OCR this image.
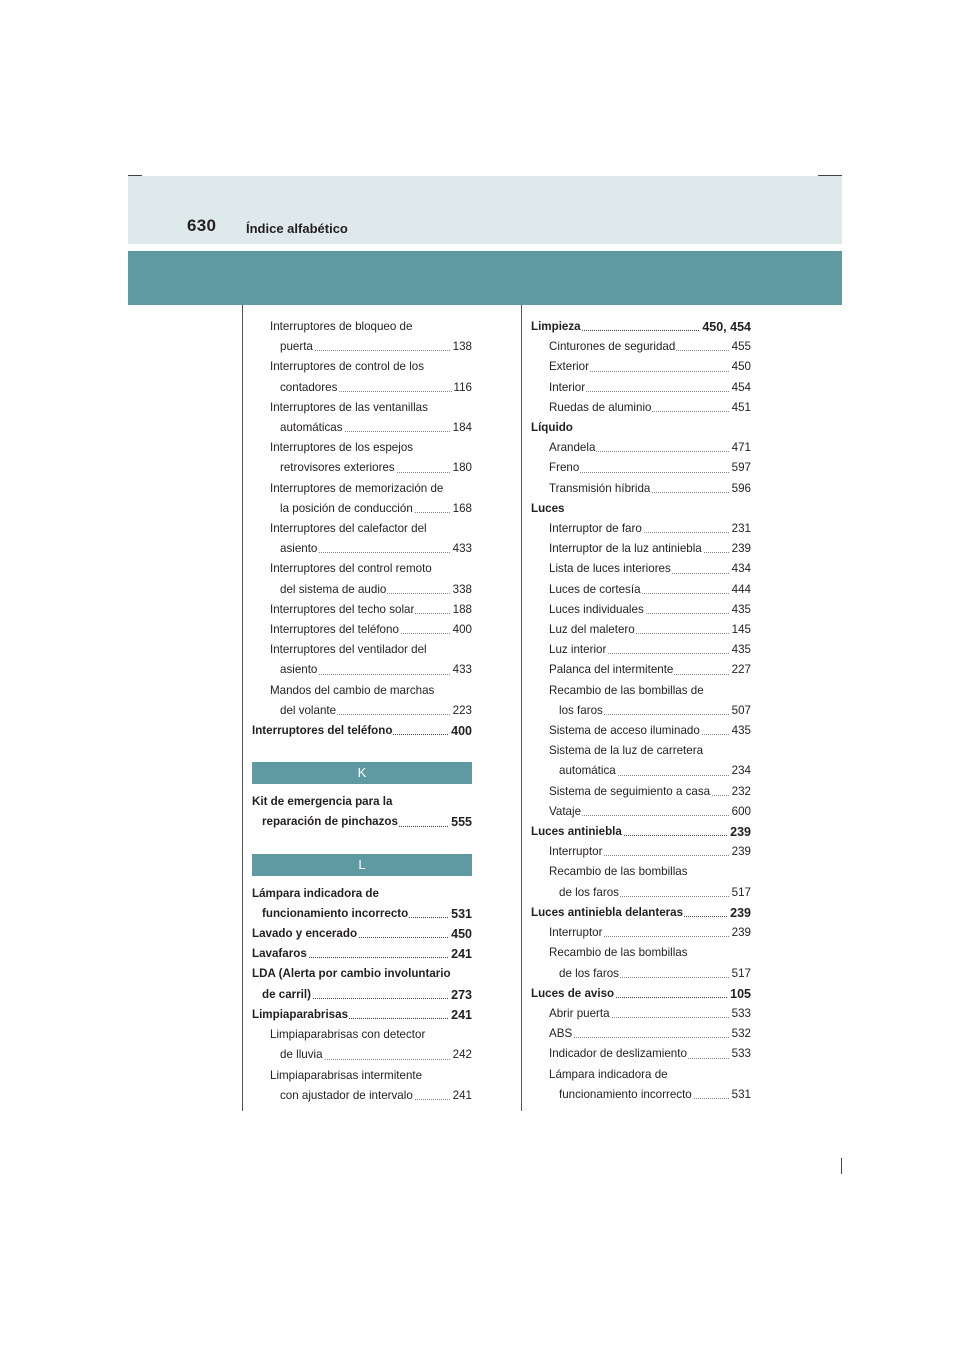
630 Índice alfabético
Interruptores de bloqueo de
puerta	138
Interruptores de control de los
contadores	116
Interruptores de las ventanillas
automáticas	184
Interruptores de los espejos
retrovisores exteriores	180
Interruptores de memorización de
la posición de conducción	168
Interruptores del calefactor del
asiento	433
Interruptores del control remoto
del sistema de audio	338
Interruptores del techo solar	188
Interruptores del teléfono	400
Interruptores del ventilador del
asiento	433
Mandos del cambio de marchas
del volante	223
Interruptores del teléfono	400
K
Kit de emergencia para la
reparación de pinchazos	555
L
Lámpara indicadora de
funcionamiento incorrecto	531
Lavado y encerado	450
Lavafaros	241
LDA (Alerta por cambio involuntario
de carril)	273
Limpiaparabrisas	241
Limpiaparabrisas con detector
de lluvia	242
Limpiaparabrisas intermitente
con ajustador de intervalo	241
Limpieza	450, 454
Cinturones de seguridad	455
Exterior	450
Interior	454
Ruedas de aluminio	451
Líquido
Arandela	471
Freno	597
Transmisión híbrida	596
Luces
Interruptor de faro	231
Interruptor de la luz antiniebla	239
Lista de luces interiores	434
Luces de cortesía	444
Luces individuales	435
Luz del maletero	145
Luz interior	435
Palanca del intermitente	227
Recambio de las bombillas de
los faros	507
Sistema de acceso iluminado	435
Sistema de la luz de carretera
automática	234
Sistema de seguimiento a casa 232
Vataje	600
Luces antiniebla	239
Interruptor	239
Recambio de las bombillas
de los faros	517
Luces antiniebla delanteras	239
Interruptor	239
Recambio de las bombillas
de los faros	517
Luces de aviso	105
Abrir puerta	533
ABS	532
Indicador de deslizamiento	533
Lámpara indicadora de
funcionamiento incorrecto	531
